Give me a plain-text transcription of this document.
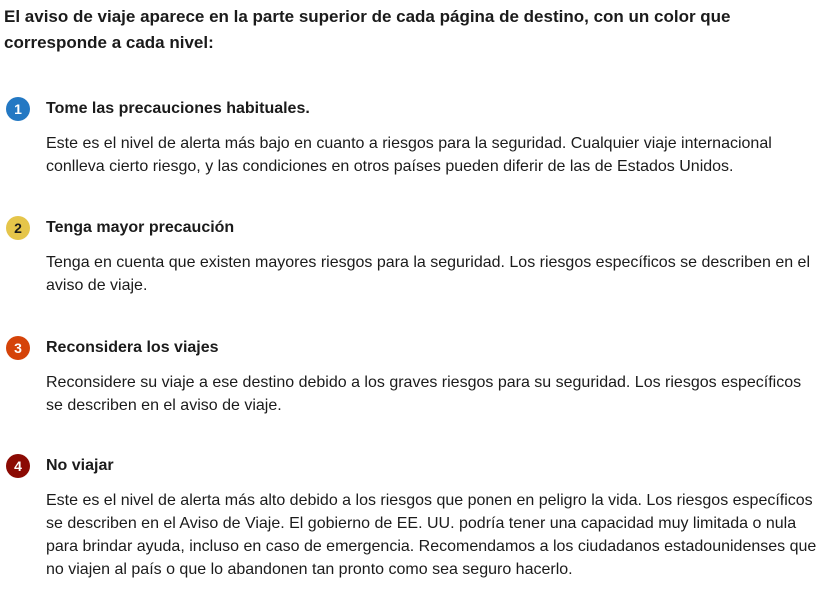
El aviso de viaje aparece en la parte superior de cada página de destino, con un color que corresponde a cada nivel:

1	Tome las precauciones habituales.

Este es el nivel de alerta más bajo en cuanto a riesgos para la seguridad. Cualquier viaje internacional conlleva cierto riesgo, y las condiciones en otros países pueden diferir de las de Estados Unidos.

2	Tenga mayor precaución

Tenga en cuenta que existen mayores riesgos para la seguridad. Los riesgos específicos se describen en el aviso de viaje.

3	Reconsidera los viajes

Reconsidere su viaje a ese destino debido a los graves riesgos para su seguridad. Los riesgos específicos se describen en el aviso de viaje.

4	No viajar

Este es el nivel de alerta más alto debido a los riesgos que ponen en peligro la vida. Los riesgos específicos se describen en el Aviso de Viaje. El gobierno de EE. UU. podría tener una capacidad muy limitada o nula para brindar ayuda, incluso en caso de emergencia. Recomendamos a los ciudadanos estadounidenses que no viajen al país o que lo abandonen tan pronto como sea seguro hacerlo.
